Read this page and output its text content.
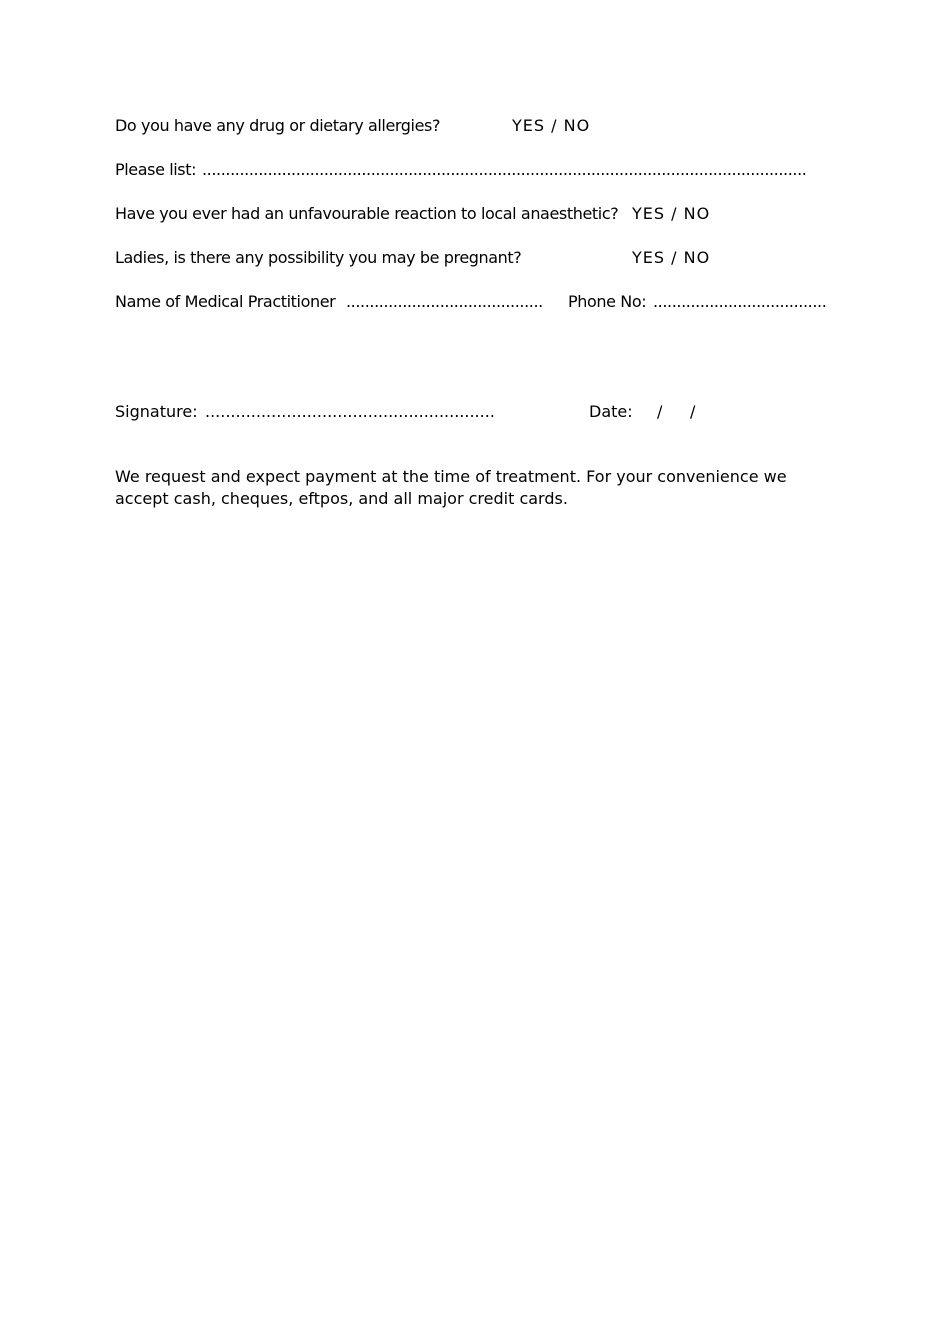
Do you have any drug or dietary allergies?	YES / NO
Please list: .................................................................................................................................
Have you ever had an unfavourable reaction to local anaesthetic? YES / NO
Ladies, is there any possibility you may be pregnant?	YES / NO
Name of Medical Practitioner .......................................... Phone No: .....................................
Signature: .........................................................	Date: / /
We request and expect payment at the time of treatment. For your convenience we
accept cash, cheques, eftpos, and all major credit cards.
